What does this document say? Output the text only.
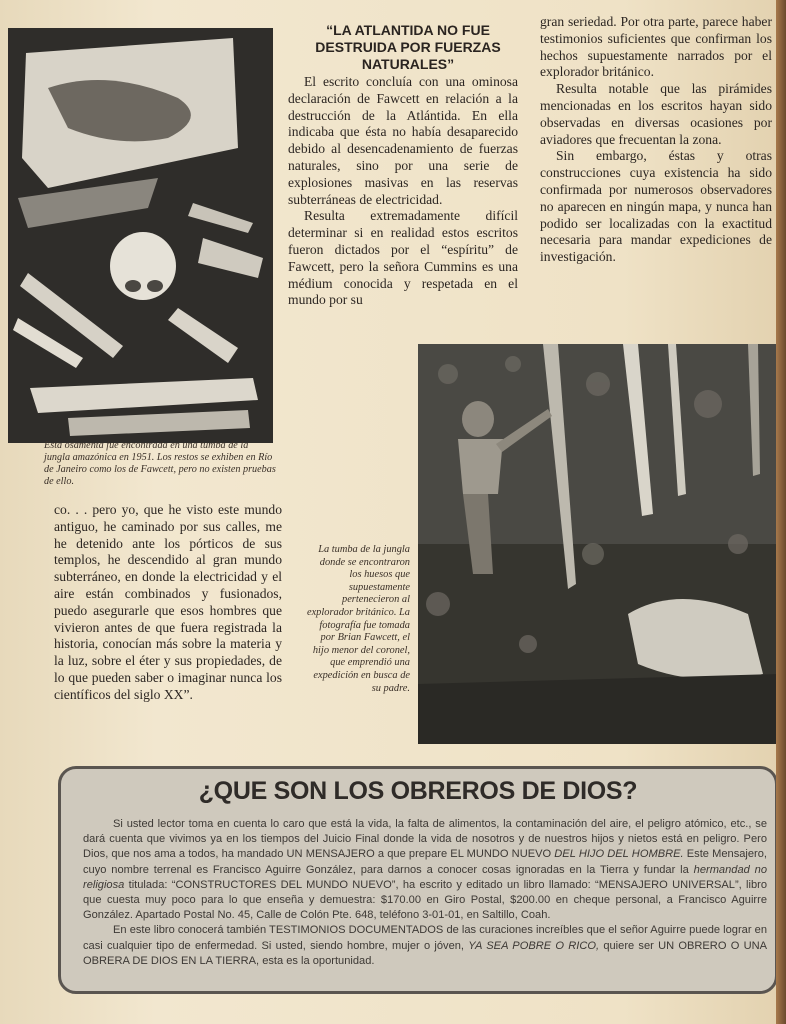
Esta osamenta fue encontrada en una tumba de la jungla amazónica en 1951. Los restos se exhiben en Río de Janeiro como los de Fawcett, pero no existen pruebas de ello.
“LA ATLANTIDA NO FUE DESTRUIDA POR FUERZAS NATURALES”

El escrito concluía con una ominosa declaración de Fawcett en relación a la destrucción de la Atlántida. En ella indicaba que ésta no había desaparecido debido al desencadenamiento de fuerzas naturales, sino por una serie de explosiones masivas en las reservas subterráneas de electricidad.

Resulta extremadamente difícil determinar si en realidad estos escritos fueron dictados por el “espíritu” de Fawcett, pero la señora Cummins es una médium conocida y respetada en el mundo por su

gran seriedad. Por otra parte, parece haber testimonios suficientes que confirman los hechos supuestamente narrados por el explorador británico.

Resulta notable que las pirámides mencionadas en los escritos hayan sido observadas en diversas ocasiones por aviadores que frecuentan la zona.

Sin embargo, éstas y otras construcciones cuya existencia ha sido confirmada por numerosos observadores no aparecen en ningún mapa, y nunca han podido ser localizadas con la exactitud necesaria para mandar expediciones de investigación.

co. . . pero yo, que he visto este mundo antiguo, he caminado por sus calles, me he detenido ante los pórticos de sus templos, he descendido al gran mundo subterráneo, en donde la electricidad y el aire están combinados y fusionados, puedo asegurarle que esos hombres que vivieron antes de que fuera registrada la historia, conocían más sobre la materia y la luz, sobre el éter y sus propiedades, de lo que pueden saber o imaginar nunca los científicos del siglo XX”.

La tumba de la jungla donde se encontraron los huesos que supuestamente pertenecieron al explorador británico. La fotografía fue tomada por Brian Fawcett, el hijo menor del coronel, que emprendió una expedición en busca de su padre.
¿QUE SON LOS OBREROS DE DIOS?

Si usted lector toma en cuenta lo caro que está la vida, la falta de alimentos, la contaminación del aire, el peligro atómico, etc., se dará cuenta que vivimos ya en los tiempos del Juicio Final donde la vida de nosotros y de nuestros hijos y nietos está en peligro. Pero Dios, que nos ama a todos, ha mandado UN MENSAJERO a que prepare EL MUNDO NUEVO DEL HIJO DEL HOMBRE. Este Mensajero, cuyo nombre terrenal es Francisco Aguirre González, para darnos a conocer cosas ignoradas en la Tierra y fundar la hermandad no religiosa titulada: “CONSTRUCTORES DEL MUNDO NUEVO”, ha escrito y editado un libro llamado: “MENSAJERO UNIVERSAL”, libro que cuesta muy poco para lo que enseña y demuestra: $170.00 en Giro Postal, $200.00 en cheque personal, a Francisco Aguirre González. Apartado Postal No. 45, Calle de Colón Pte. 648, teléfono 3-01-01, en Saltillo, Coah.

En este libro conocerá también TESTIMONIOS DOCUMENTADOS de las curaciones increíbles que el señor Aguirre puede lograr en casi cualquier tipo de enfermedad. Si usted, siendo hombre, mujer o jóven, YA SEA POBRE O RICO, quiere ser UN OBRERO O UNA OBRERA DE DIOS EN LA TIERRA, esta es la oportunidad.
